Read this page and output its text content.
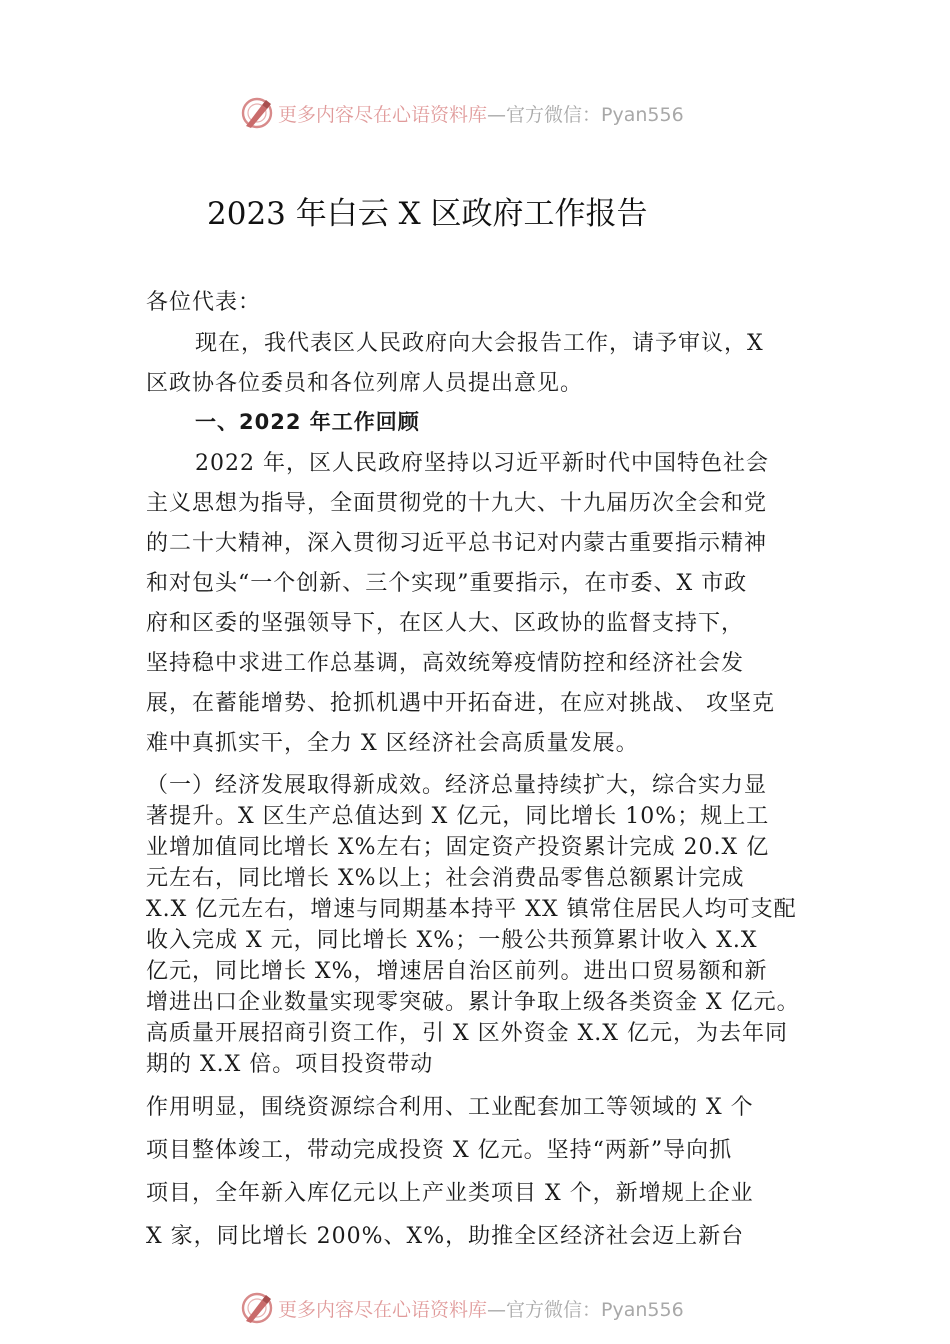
更多内容尽在心语资料库—官方微信：Pyan556
2023 年白云 X 区政府工作报告
各位代表：
现在，我代表区人民政府向大会报告工作，请予审议，X
区政协各位委员和各位列席人员提出意见。
一、2022 年工作回顾
2022 年，区人民政府坚持以习近平新时代中国特色社会
主义思想为指导，全面贯彻党的十九大、十九届历次全会和党
的二十大精神，深入贯彻习近平总书记对内蒙古重要指示精神
和对包头“一个创新、三个实现”重要指示，在市委、X 市政
府和区委的坚强领导下，在区人大、区政协的监督支持下，
坚持稳中求进工作总基调，高效统筹疫情防控和经济社会发
展，在蓄能增势、抢抓机遇中开拓奋进，在应对挑战、 攻坚克
难中真抓实干，全力 X 区经济社会高质量发展。
（一）经济发展取得新成效。经济总量持续扩大，综合实力显
著提升。X 区生产总值达到 X 亿元，同比增长 10%；规上工
业增加值同比增长 X%左右；固定资产投资累计完成 20.X 亿
元左右，同比增长 X%以上；社会消费品零售总额累计完成
X.X 亿元左右，增速与同期基本持平 XX 镇常住居民人均可支配
收入完成 X 元，同比增长 X%；一般公共预算累计收入 X.X
亿元，同比增长 X%，增速居自治区前列。进出口贸易额和新
增进出口企业数量实现零突破。累计争取上级各类资金 X 亿元。
高质量开展招商引资工作，引 X 区外资金 X.X 亿元，为去年同
期的 X.X 倍。项目投资带动
作用明显，围绕资源综合利用、工业配套加工等领域的 X 个
项目整体竣工，带动完成投资 X 亿元。坚持“两新”导向抓
项目，全年新入库亿元以上产业类项目 X 个，新增规上企业
X 家，同比增长 200%、X%，助推全区经济社会迈上新台
更多内容尽在心语资料库—官方微信：Pyan556
